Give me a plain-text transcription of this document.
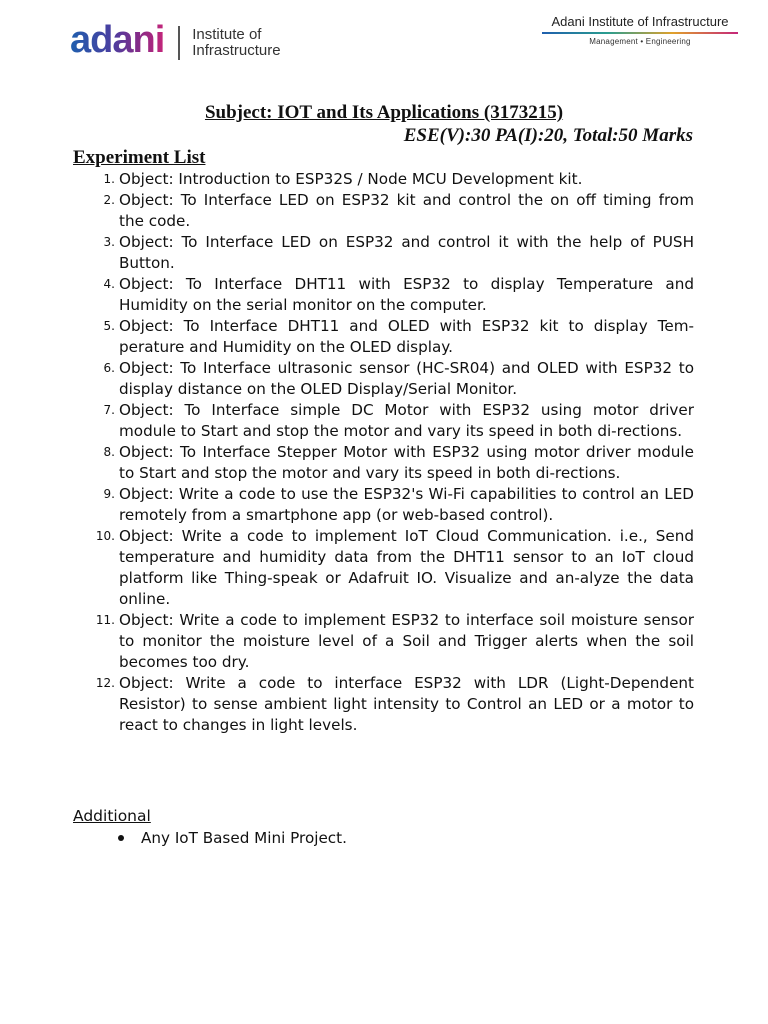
adani Institute of
Infrastructure
Adani Institute of Infrastructure
Management • Engineering
Subject: IOT and Its Applications (3173215)
ESE(V):30 PA(I):20, Total:50 Marks
Experiment List
1. Object: Introduction to ESP32S / Node MCU Development kit.
2. Object: To Interface LED on ESP32 kit and control the on off timing from the code.
3. Object: To Interface LED on ESP32 and control it with the help of PUSH Button.
4. Object: To Interface DHT11 with ESP32 to display Temperature and Humidity on the serial monitor on the computer.
5. Object: To Interface DHT11 and OLED with ESP32 kit to display Tem-perature and Humidity on the OLED display.
6. Object: To Interface ultrasonic sensor (HC-SR04) and OLED with ESP32 to display distance on the OLED Display/Serial Monitor.
7. Object: To Interface simple DC Motor with ESP32 using motor driver module to Start and stop the motor and vary its speed in both di-rections.
8. Object: To Interface Stepper Motor with ESP32 using motor driver module to Start and stop the motor and vary its speed in both di-rections.
9. Object: Write a code to use the ESP32's Wi-Fi capabilities to control an LED remotely from a smartphone app (or web-based control).
10. Object: Write a code to implement IoT Cloud Communication. i.e., Send temperature and humidity data from the DHT11 sensor to an IoT cloud platform like Thing-speak or Adafruit IO. Visualize and an-alyze the data online.
11. Object: Write a code to implement ESP32 to interface soil moisture sensor to monitor the moisture level of a Soil and Trigger alerts when the soil becomes too dry.
12. Object: Write a code to interface ESP32 with LDR (Light-Dependent Resistor) to sense ambient light intensity to Control an LED or a motor to react to changes in light levels.
Additional
Any IoT Based Mini Project.
